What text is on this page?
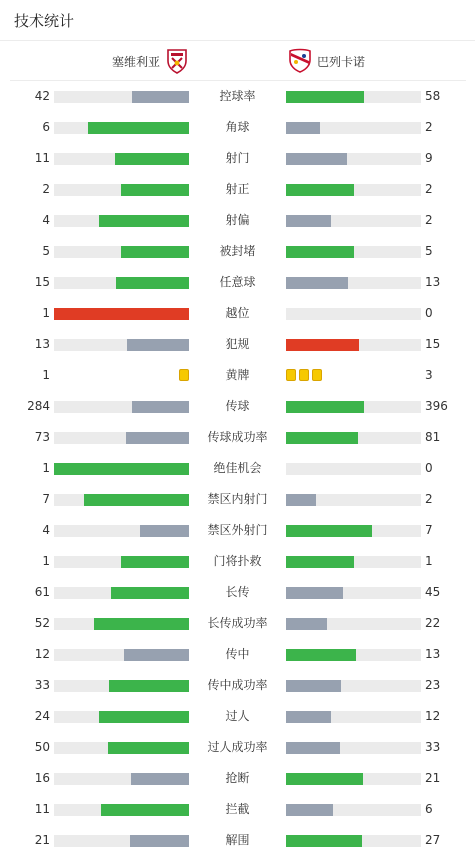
技术统计
塞维利亚	巴列卡诺
42	控球率	58
6	角球	2
11	射门	9
2	射正	2
4	射偏	2
5	被封堵	5
15	任意球	13
1	越位	0
13	犯规	15
1	黄牌	3
284	传球	396
73	传球成功率	81
1	绝佳机会	0
7	禁区内射门	2
4	禁区外射门	7
1	门将扑救	1
61	长传	45
52	长传成功率	22
12	传中	13
33	传中成功率	23
24	过人	12
50	过人成功率	33
16	抢断	21
11	拦截	6
21	解围	27
